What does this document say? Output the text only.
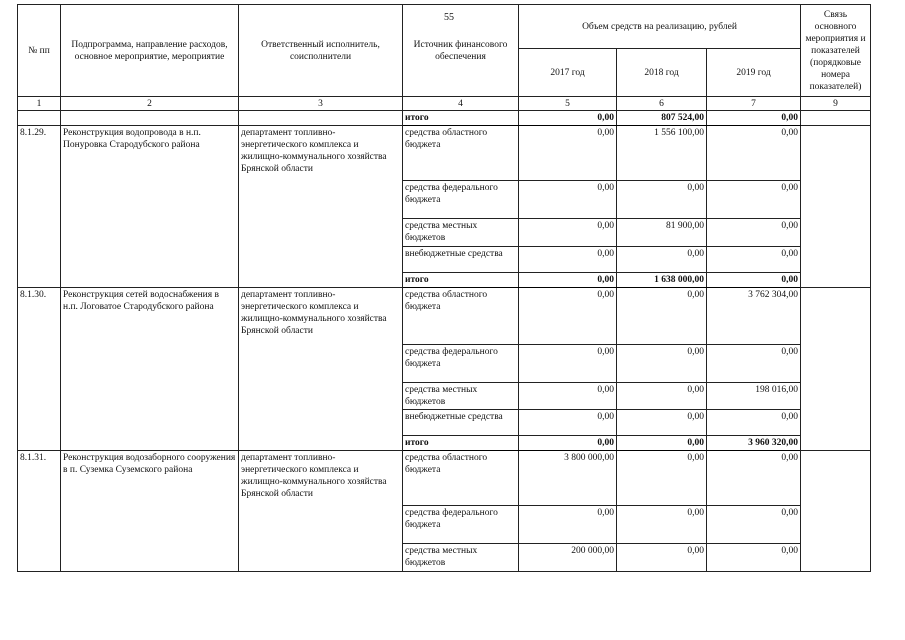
55
№ пп	Подпрограмма, направление расходов, основное мероприятие, мероприятие	Ответственный исполнитель, соисполнители	Источник финансового обеспечения	Объем средств на реализацию, рублей			Связь основного мероприятия и показателей (порядковые номера показателей)
				2017 год	2018 год	2019 год	
1	2	3	4	5	6	7	9
			итого	0,00	807 524,00	0,00	
8.1.29.	Реконструкция водопровода в н.п. Понуровка Стародубского района	департамент топливно-энергетического комплекса и жилищно-коммунального хозяйства Брянской области	средства областного бюджета	0,00	1 556 100,00	0,00	
			средства федерального бюджета	0,00	0,00	0,00	
			средства местных бюджетов	0,00	81 900,00	0,00	
			внебюджетные средства	0,00	0,00	0,00	
			итого	0,00	1 638 000,00	0,00	
8.1.30.	Реконструкция сетей водоснабжения в н.п. Логоватое Стародубского района	департамент топливно-энергетического комплекса и жилищно-коммунального хозяйства Брянской области	средства областного бюджета	0,00	0,00	3 762 304,00	
			средства федерального бюджета	0,00	0,00	0,00	
			средства местных бюджетов	0,00	0,00	198 016,00	
			внебюджетные средства	0,00	0,00	0,00	
			итого	0,00	0,00	3 960 320,00	
8.1.31.	Реконструкция водозаборного сооружения в п. Суземка Суземского района	департамент топливно-энергетического комплекса и жилищно-коммунального хозяйства Брянской области	средства областного бюджета	3 800 000,00	0,00	0,00	
			средства федерального бюджета	0,00	0,00	0,00	
			средства местных бюджетов	200 000,00	0,00	0,00	
